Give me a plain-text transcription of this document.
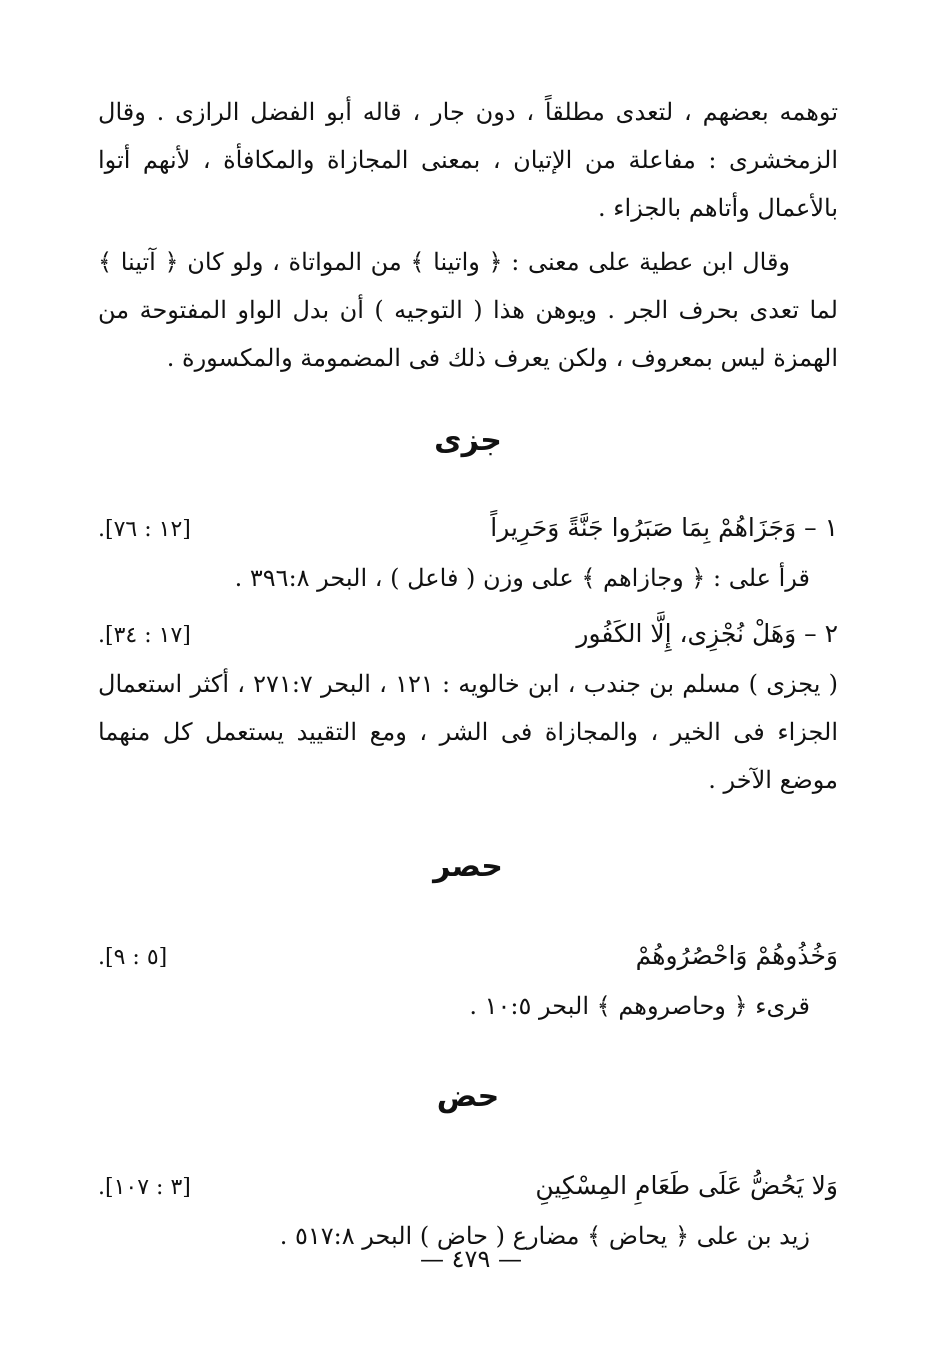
توهمه بعضهم ، لتعدى مطلقاً ، دون جار ، قاله أبو الفضل الرازى . وقال الزمخشرى : مفاعلة من الإتيان ، بمعنى المجازاة والمكافأة ، لأنهم أتوا بالأعمال وأتاهم بالجزاء .

وقال ابن عطية على معنى : ﴿ واتينا ﴾ من المواتاة ، ولو كان ﴿ آتينا ﴾ لما تعدى بحرف الجر . ويوهن هذا ( التوجيه ) أن بدل الواو المفتوحة من الهمزة ليس بمعروف ، ولكن يعرف ذلك فى المضمومة والمكسورة .

جزى
١ – وَجَزَاهُمْ بِمَا صَبَرُوا جَنَّةً وَحَرِيراً
.[١٢ : ٧٦]
قرأ على : ﴿ وجازاهم ﴾ على وزن ( فاعل ) ، البحر ٣٩٦:٨ .
٢ – وَهَلْ نُجْزِى، إِلَّا الكَفُور
.[١٧ : ٣٤]
( يجزى ) مسلم بن جندب ، ابن خالويه : ١٢١ ، البحر ٢٧١:٧ ، أكثر استعمال الجزاء فى الخير ، والمجازاة فى الشر ، ومع التقييد يستعمل كل منهما موضع الآخر .
حصر
وَخُذُوهُمْ وَاحْصُرُوهُمْ
.[٥ : ٩]
قرىء ﴿ وحاصروهم ﴾ البحر ١٠:٥ .
حض
وَلا يَحُضُّ عَلَى طَعَامِ المِسْكِينِ
.[٣ : ١٠٧]
زيد بن على ﴿ يحاض ﴾ مضارع ( حاض ) البحر ٥١٧:٨ .
— ٤٧٩ —
